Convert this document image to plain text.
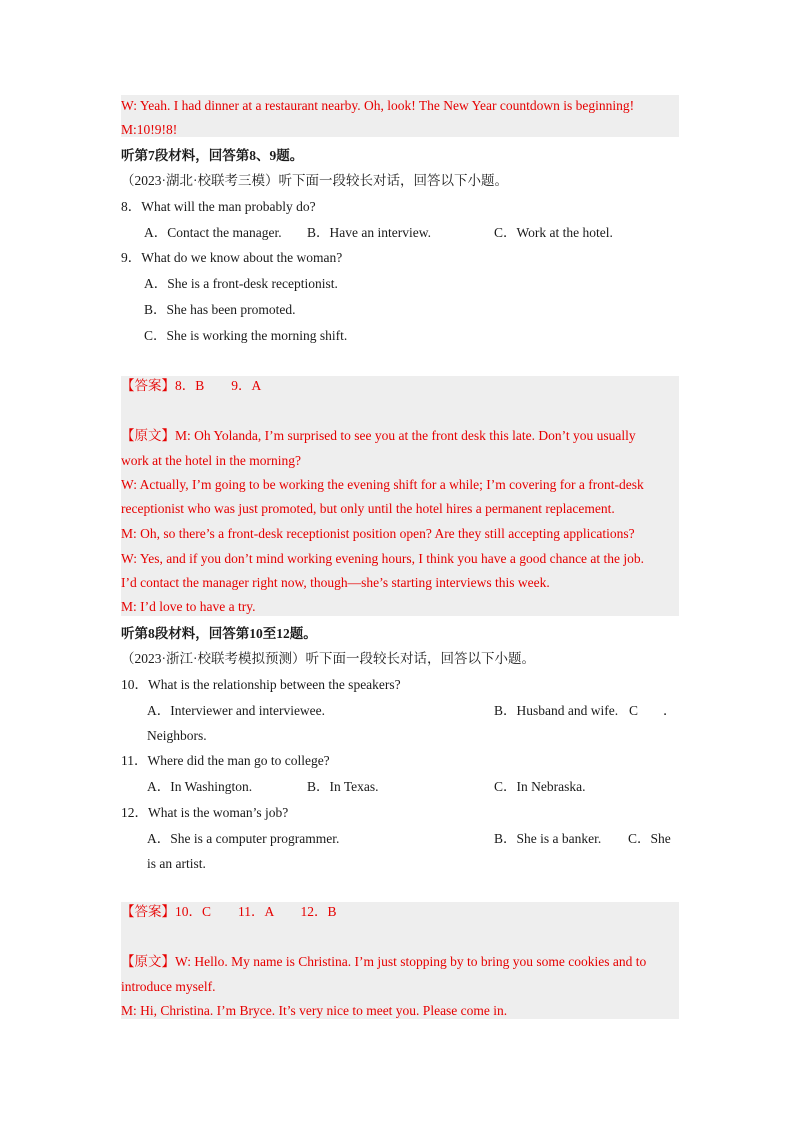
W: Yeah. I had dinner at a restaurant nearby. Oh, look! The New Year countdown is beginning!
M:10!9!8!
听第7段材料，回答第8、9题。
（2023·湖北·校联考三模）听下面一段较长对话，回答以下小题。
8．What will the man probably do?
A．Contact the manager. B．Have an interview.	C．Work at the hotel.
9．What do we know about the woman?
A．She is a front-desk receptionist.
B．She has been promoted.
C．She is working the morning shift.
【答案】8．B　　9．A
【原文】M: Oh Yolanda, I’m surprised to see you at the front desk this late. Don’t you usually
work at the hotel in the morning?
W: Actually, I’m going to be working the evening shift for a while; I’m covering for a front-desk
receptionist who was just promoted, but only until the hotel hires a permanent replacement.
M: Oh, so there’s a front-desk receptionist position open? Are they still accepting applications?
W: Yes, and if you don’t mind working evening hours, I think you have a good chance at the job.
I’d contact the manager right now, though—she’s starting interviews this week.
M: I’d love to have a try.
听第8段材料，回答第10至12题。
（2023·浙江·校联考模拟预测）听下面一段较长对话，回答以下小题。
10．What is the relationship between the speakers?
A．Interviewer and interviewee.	B．Husband and wife. C ．
Neighbors.
11．Where did the man go to college?
A．In Washington.	B．In Texas.	C．In Nebraska.
12．What is the woman’s job?
A．She is a computer programmer.	B．She is a banker. C．She
is an artist.
【答案】10．C　　11．A　　12．B
【原文】W: Hello. My name is Christina. I’m just stopping by to bring you some cookies and to
introduce myself.
M: Hi, Christina. I’m Bryce. It’s very nice to meet you. Please come in.
